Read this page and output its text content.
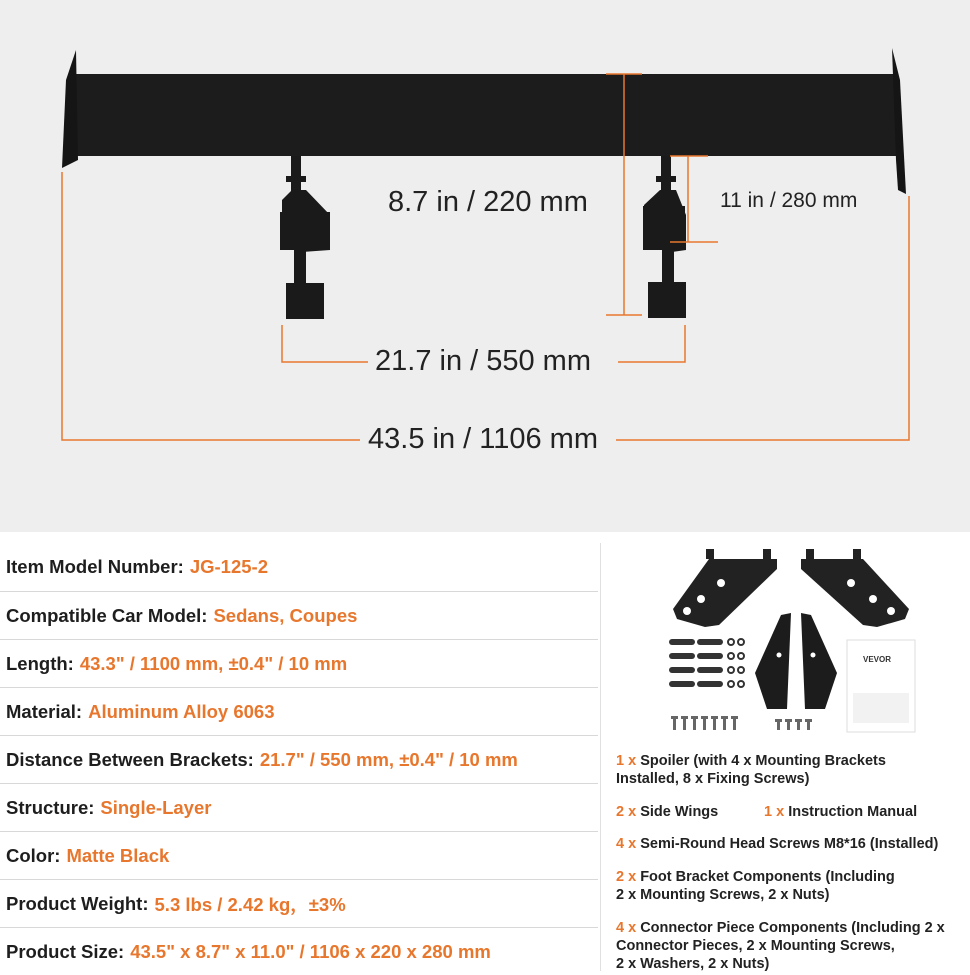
8.7 in / 220 mm	11 in / 280 mm
21.7 in / 550 mm
43.5 in / 1106 mm
Item Model Number: JG-125-2
Compatible Car Model: Sedans, Coupes
Length: 43.3" / 1100 mm, ±0.4" / 10 mm
Material: Aluminum Alloy 6063
Distance Between Brackets: 21.7" / 550 mm, ±0.4" / 10 mm
Structure: Single-Layer
Color: Matte Black
Product Weight: 5.3 lbs / 2.42 kg，±3%
Product Size: 43.5" x 8.7" x 11.0" / 1106 x 220 x 280 mm
VEVOR
1 x Spoiler (with 4 x Mounting Brackets
Installed, 8 x Fixing Screws)
2 x Side Wings	1 x Instruction Manual
4 x Semi-Round Head Screws M8*16 (Installed)
2 x Foot Bracket Components (Including
2 x Mounting Screws, 2 x Nuts)
4 x Connector Piece Components (Including 2 x
Connector Pieces, 2 x Mounting Screws,
2 x Washers, 2 x Nuts)
